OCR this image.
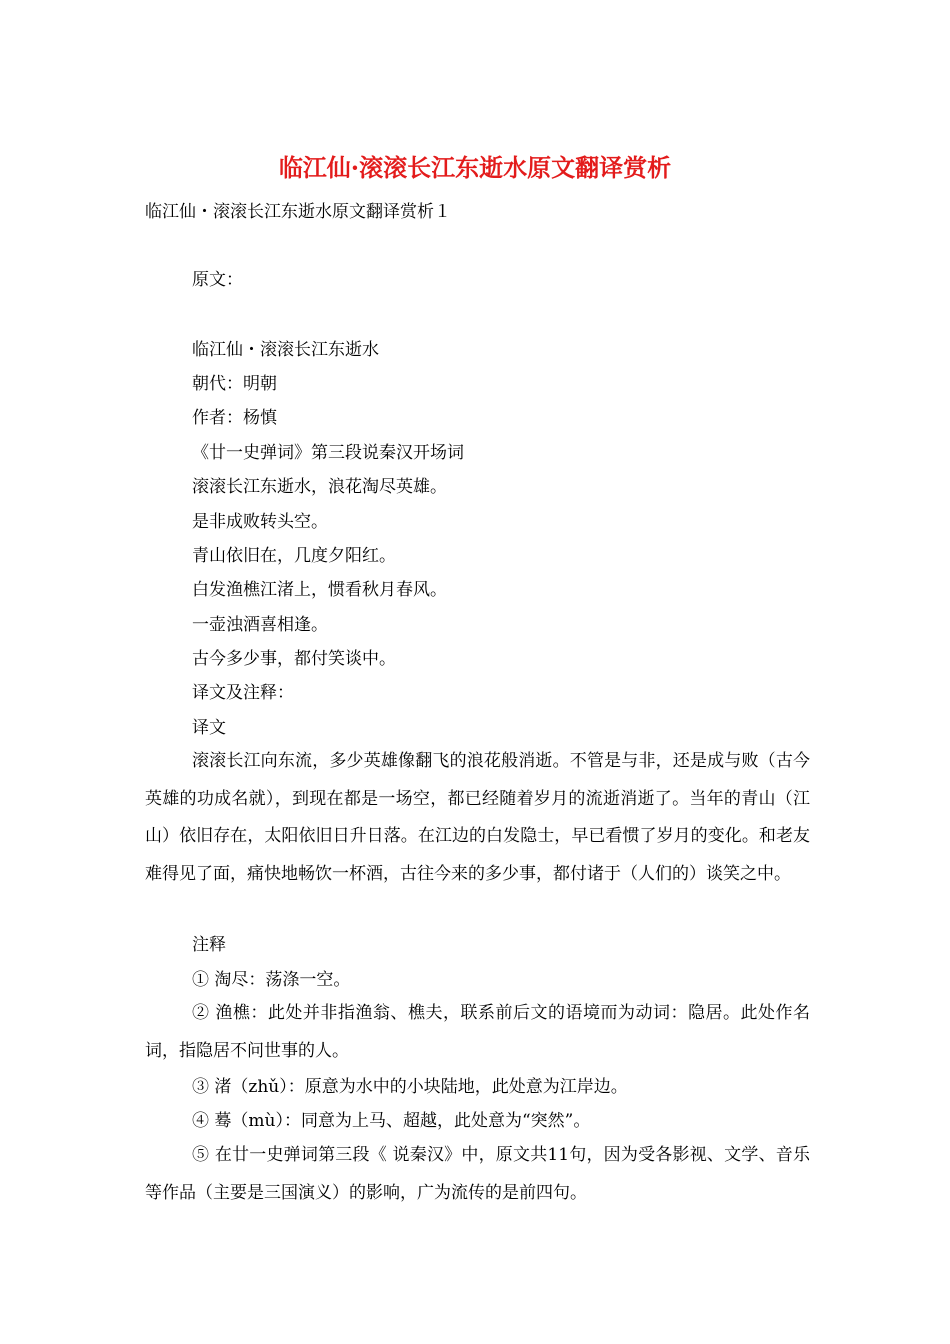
临江仙·滚滚长江东逝水原文翻译赏析
临江仙・滚滚长江东逝水原文翻译赏析１
原文：
临江仙・滚滚长江东逝水
朝代：明朝
作者：杨慎
《廿一史弹词》第三段说秦汉开场词
滚滚长江东逝水，浪花淘尽英雄。
是非成败转头空。
青山依旧在，几度夕阳红。
白发渔樵江渚上，惯看秋月春风。
一壶浊酒喜相逢。
古今多少事，都付笑谈中。
译文及注释：
译文

滚滚长江向东流，多少英雄像翻飞的浪花般消逝。不管是与非，还是成与败（古今英雄的功成名就），到现在都是一场空，都已经随着岁月的流逝消逝了。当年的青山（江山）依旧存在，太阳依旧日升日落。在江边的白发隐士，早已看惯了岁月的变化。和老友难得见了面，痛快地畅饮一杯酒，古往今来的多少事，都付诸于（人们的）谈笑之中。

注释
① 淘尽：荡涤一空。

② 渔樵：此处并非指渔翁、樵夫，联系前后文的语境而为动词：隐居。此处作名词，指隐居不问世事的人。

③ 渚（zhǔ）：原意为水中的小块陆地，此处意为江岸边。
④ 蓦（mù）：同意为上马、超越，此处意为“突然”。

⑤ 在廿一史弹词第三段《 说秦汉》中，原文共11句，因为受各影视、文学、音乐等作品（主要是三国演义）的影响，广为流传的是前四句。
